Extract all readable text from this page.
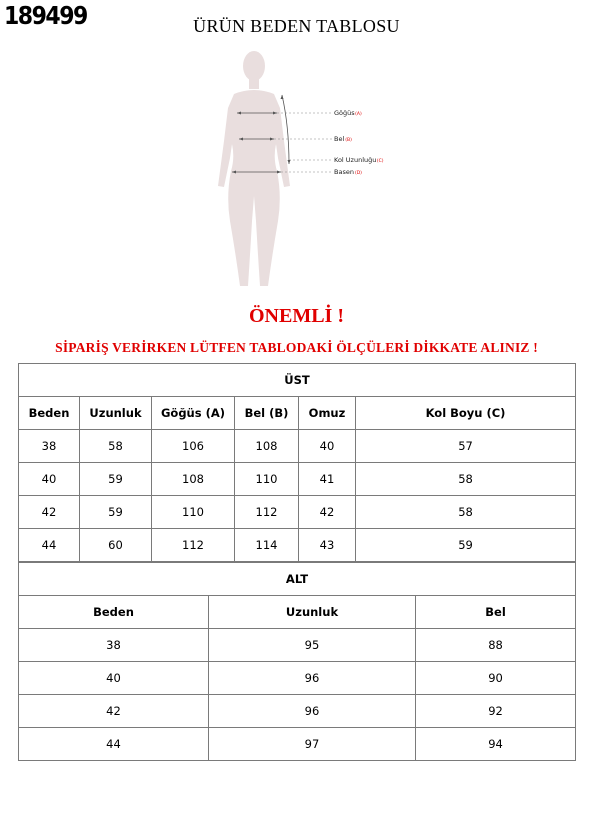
189499	ÜRÜN BEDEN TABLOSU
Göğüs(A)
Bel(B)
Kol Uzunluğu(C)
Basen(D)
ÖNEMLİ !
SİPARİŞ VERİRKEN LÜTFEN TABLODAKİ ÖLÇÜLERİ DİKKATE ALINIZ !
ÜST					
Beden	Uzunluk	Göğüs (A)	Bel (B)	Omuz	Kol Boyu (C)
38	58	106	108	40	57
40	59	108	110	41	58
42	59	110	112	42	58
44	60	112	114	43	59
ALT		
Beden	Uzunluk	Bel
38	95	88
40	96	90
42	96	92
44	97	94
